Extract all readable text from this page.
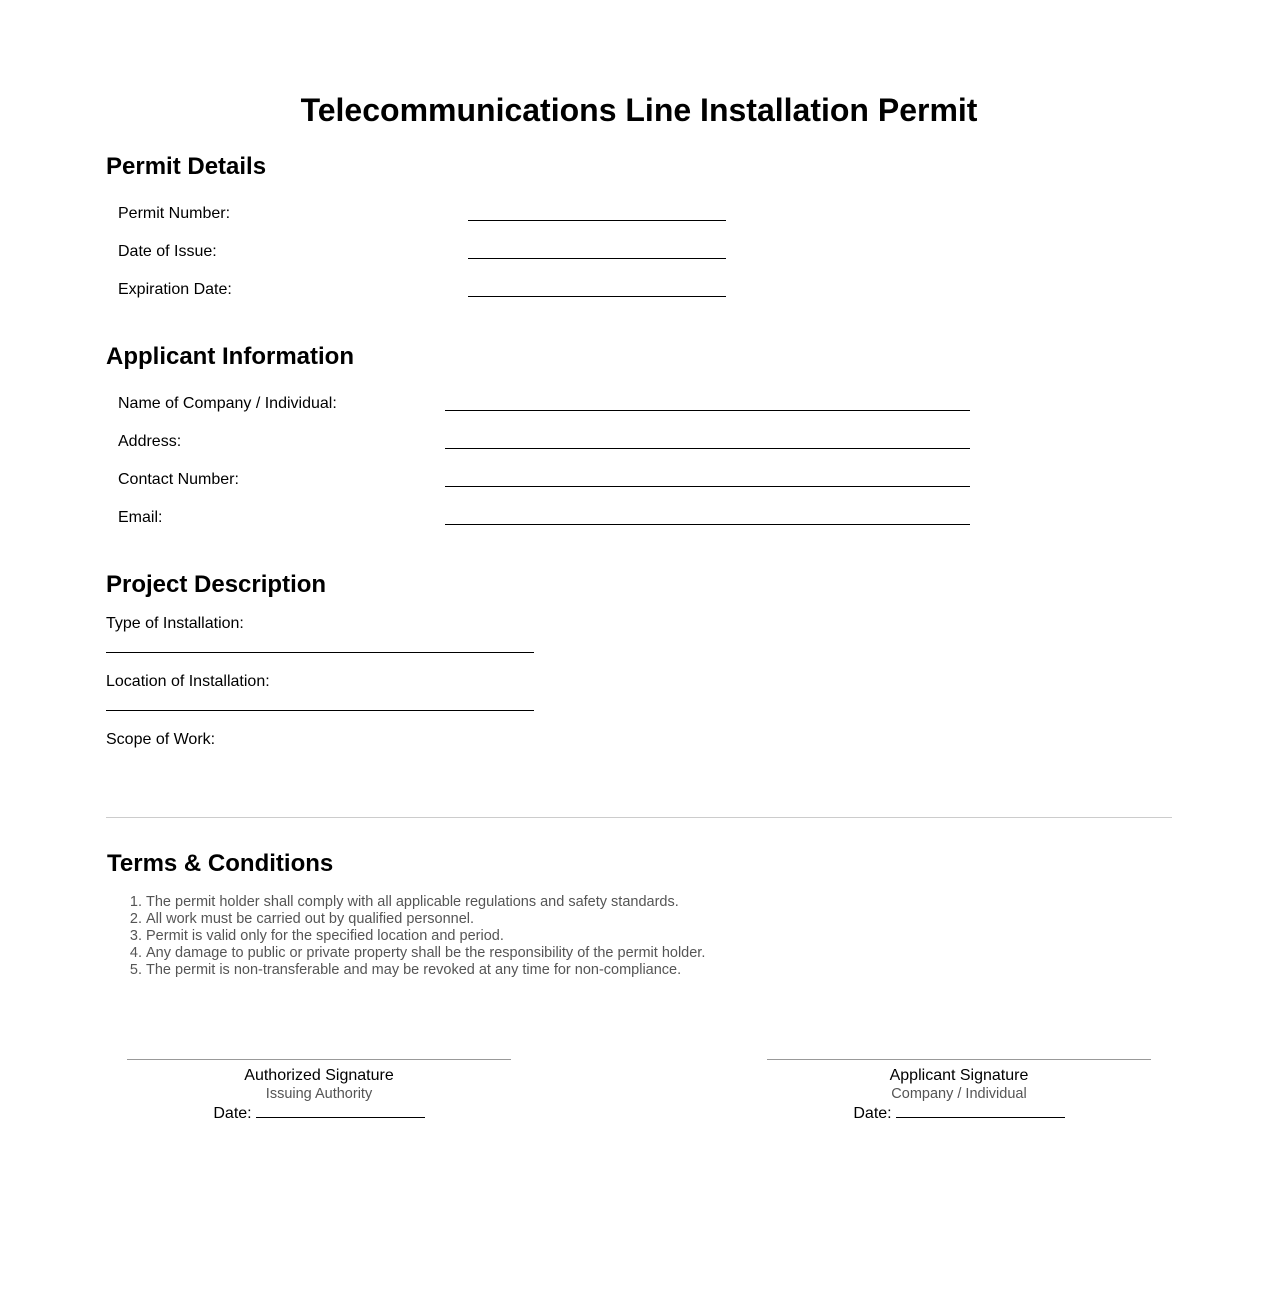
Telecommunications Line Installation Permit
Permit Details
Permit Number:
Date of Issue:
Expiration Date:
Applicant Information
Name of Company / Individual:
Address:
Contact Number:
Email:
Project Description
Type of Installation:
Location of Installation:
Scope of Work:
Terms & Conditions
1. The permit holder shall comply with all applicable regulations and safety standards.
2. All work must be carried out by qualified personnel.
3. Permit is valid only for the specified location and period.
4. Any damage to public or private property shall be the responsibility of the permit holder.
5. The permit is non-transferable and may be revoked at any time for non-compliance.
Authorized Signature
Issuing Authority
Date:
Applicant Signature
Company / Individual
Date:
